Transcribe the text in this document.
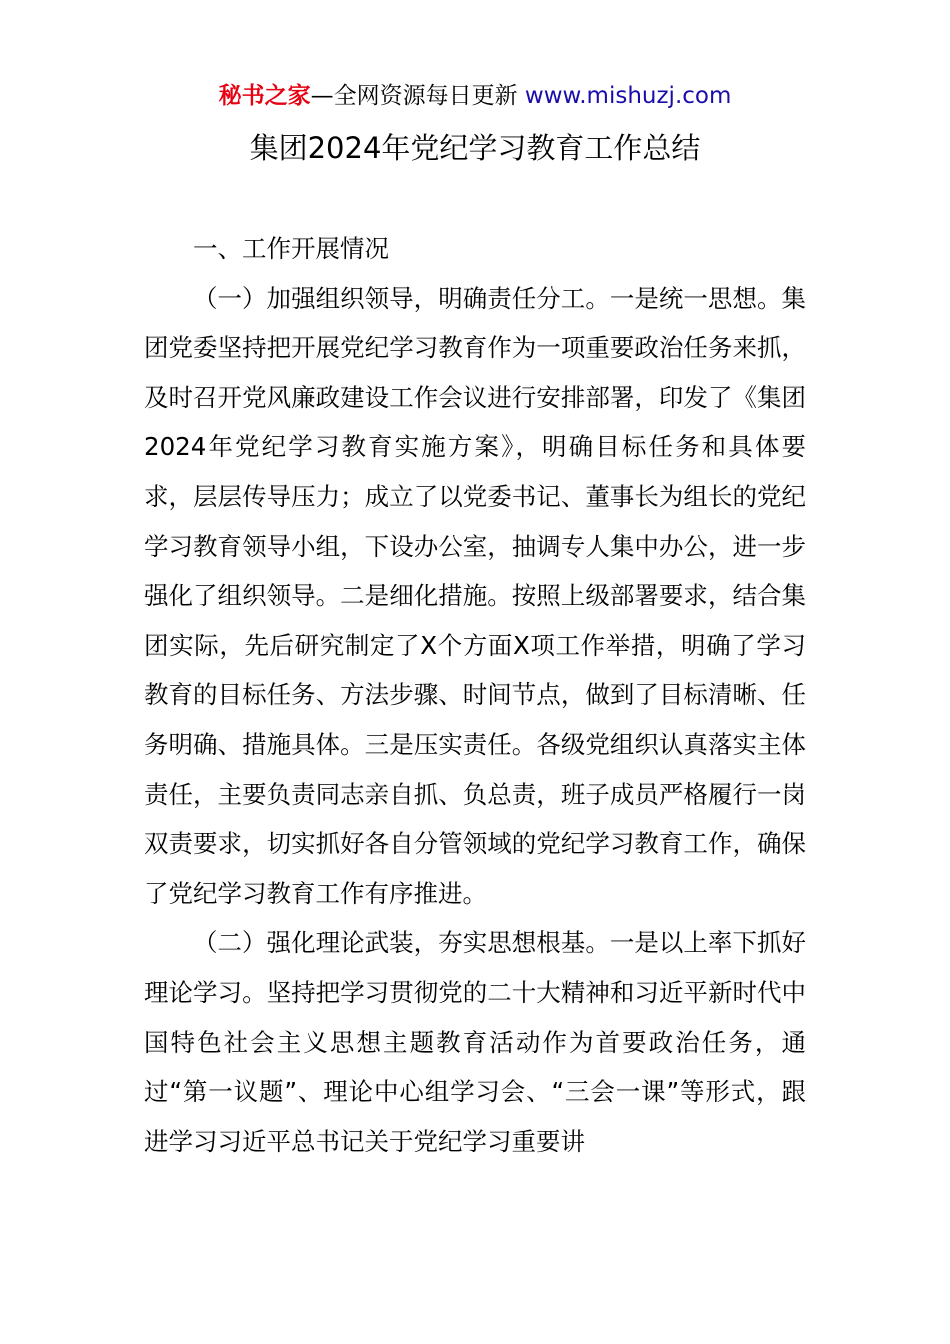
秘书之家—全网资源每日更新 www.mishuzj.com
集团2024年党纪学习教育工作总结

一、工作开展情况

（一）加强组织领导，明确责任分工。一是统一思想。集团党委坚持把开展党纪学习教育作为一项重要政治任务来抓，及时召开党风廉政建设工作会议进行安排部署，印发了《集团2024年党纪学习教育实施方案》，明确目标任务和具体要求，层层传导压力；成立了以党委书记、董事长为组长的党纪学习教育领导小组，下设办公室，抽调专人集中办公，进一步强化了组织领导。二是细化措施。按照上级部署要求，结合集团实际，先后研究制定了X个方面X项工作举措，明确了学习教育的目标任务、方法步骤、时间节点，做到了目标清晰、任务明确、措施具体。三是压实责任。各级党组织认真落实主体责任，主要负责同志亲自抓、负总责，班子成员严格履行一岗双责要求，切实抓好各自分管领域的党纪学习教育工作，确保了党纪学习教育工作有序推进。

（二）强化理论武装，夯实思想根基。一是以上率下抓好理论学习。坚持把学习贯彻党的二十大精神和习近平新时代中国特色社会主义思想主题教育活动作为首要政治任务，通过“第一议题”、理论中心组学习会、“三会一课”等形式，跟进学习习近平总书记关于党纪学习重要讲
